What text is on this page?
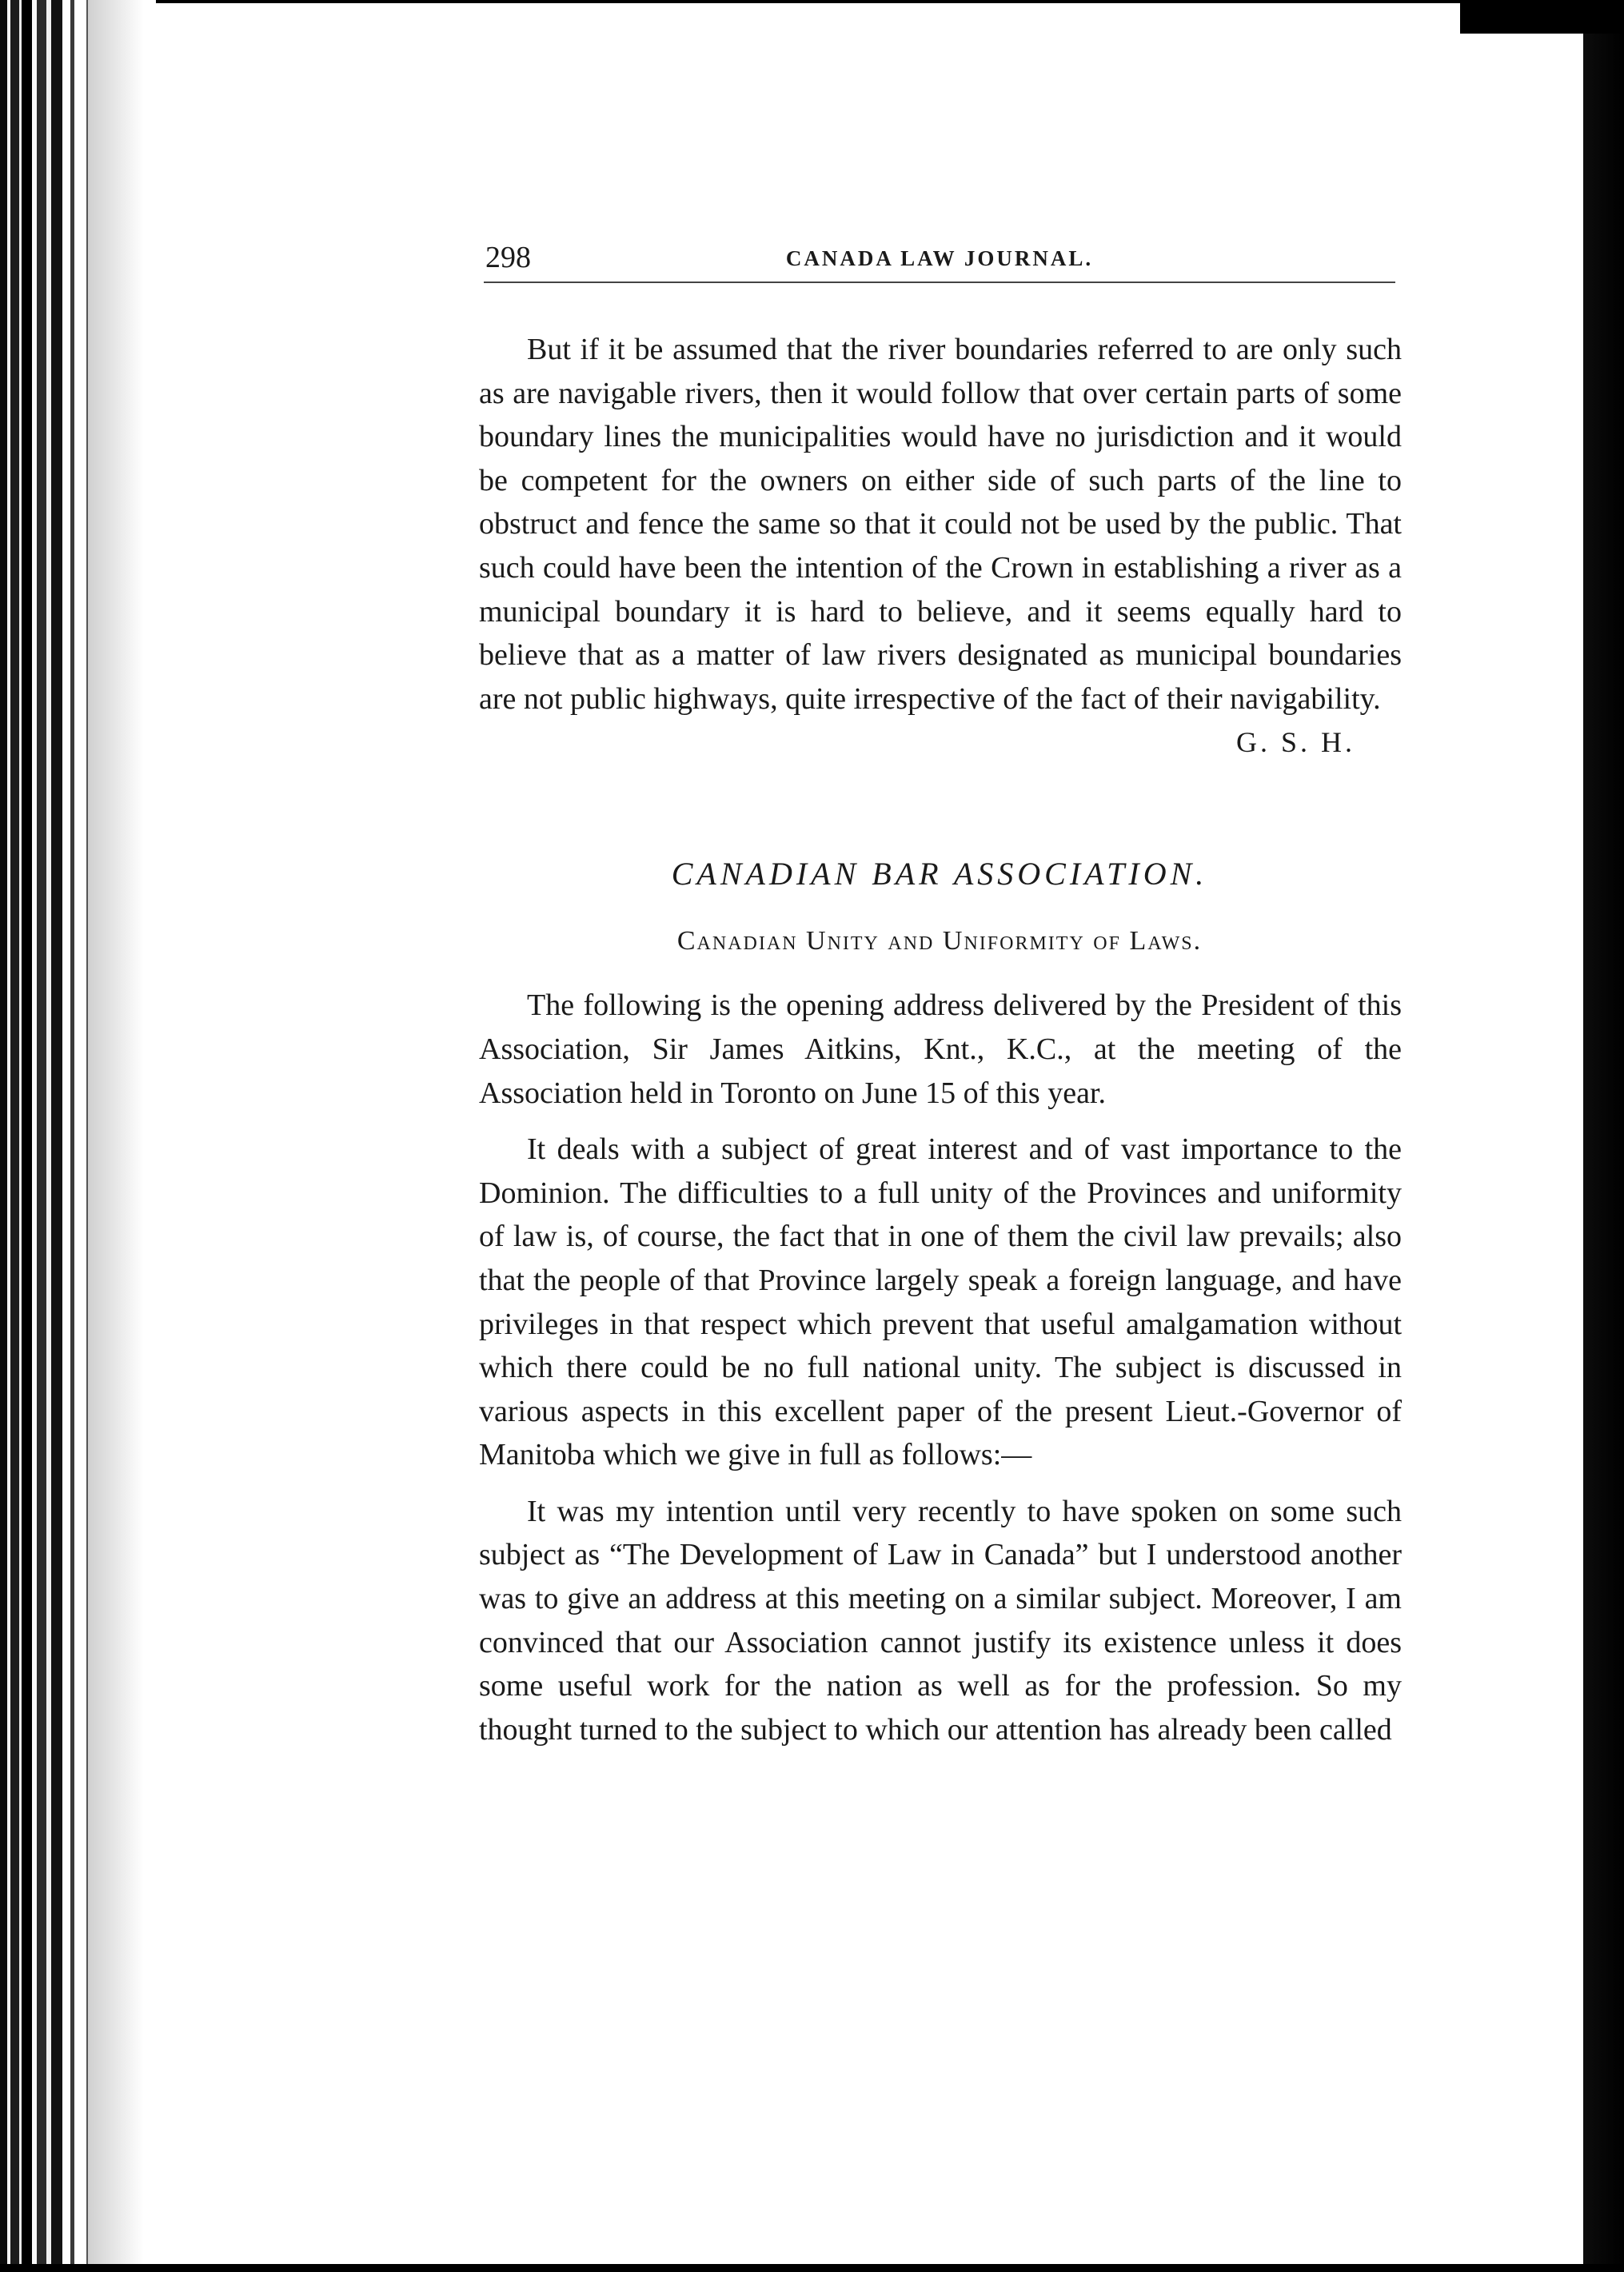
298	CANADA LAW JOURNAL.

But if it be assumed that the river boundaries referred to are only such as are navigable rivers, then it would follow that over certain parts of some boundary lines the municipalities would have no jurisdiction and it would be competent for the owners on either side of such parts of the line to obstruct and fence the same so that it could not be used by the public. That such could have been the intention of the Crown in establishing a river as a municipal boundary it is hard to believe, and it seems equally hard to believe that as a matter of law rivers designated as municipal boundaries are not public highways, quite irrespective of the fact of their navigability.

G. S. H.
CANADIAN BAR ASSOCIATION.
Canadian Unity and Uniformity of Laws.

The following is the opening address delivered by the President of this Association, Sir James Aitkins, Knt., K.C., at the meeting of the Association held in Toronto on June 15 of this year.

It deals with a subject of great interest and of vast importance to the Dominion. The difficulties to a full unity of the Provinces and uniformity of law is, of course, the fact that in one of them the civil law prevails; also that the people of that Province largely speak a foreign language, and have privileges in that respect which prevent that useful amalgamation without which there could be no full national unity. The subject is discussed in various aspects in this excellent paper of the present Lieut.-Governor of Manitoba which we give in full as follows:—

It was my intention until very recently to have spoken on some such subject as “The Development of Law in Canada” but I understood another was to give an address at this meeting on a similar subject. Moreover, I am convinced that our Association cannot justify its existence unless it does some useful work for the nation as well as for the profession. So my thought turned to the subject to which our attention has already been called
